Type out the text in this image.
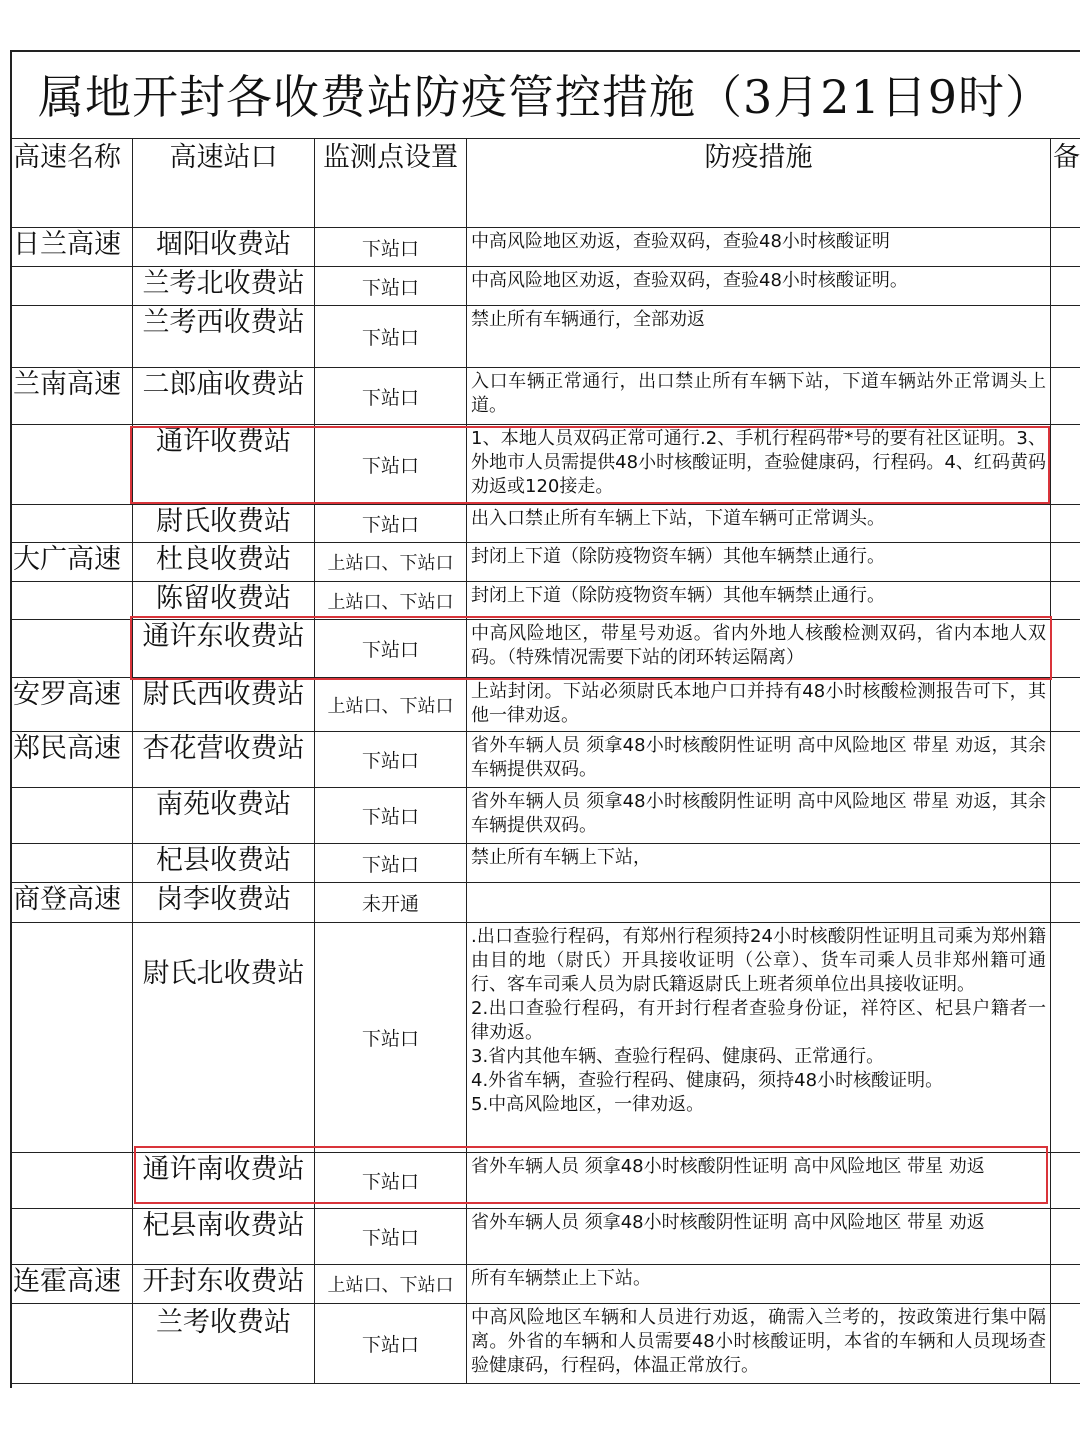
属地开封各收费站防疫管控措施（3月21日9时）
高速名称	高速站口	监测点设置	防疫措施	备
日兰高速	堌阳收费站	下站口	中高风险地区劝返，查验双码，查验48小时核酸证明	
	兰考北收费站	下站口	中高风险地区劝返，查验双码，查验48小时核酸证明。	
	兰考西收费站	下站口	禁止所有车辆通行，全部劝返	
兰南高速	二郎庙收费站	下站口	入口车辆正常通行，出口禁止所有车辆下站，下道车辆站外正常调头上道。	
	通许收费站	下站口	1、本地人员双码正常可通行.2、手机行程码带*号的要有社区证明。3、外地市人员需提供48小时核酸证明，查验健康码，行程码。4、红码黄码劝返或120接走。	
	尉氏收费站	下站口	出入口禁止所有车辆上下站，下道车辆可正常调头。	
大广高速	杜良收费站	上站口、下站口	封闭上下道（除防疫物资车辆）其他车辆禁止通行。	
	陈留收费站	上站口、下站口	封闭上下道（除防疫物资车辆）其他车辆禁止通行。	
	通许东收费站	下站口	中高风险地区，带星号劝返。省内外地人核酸检测双码，省内本地人双码。（特殊情况需要下站的闭环转运隔离）	
安罗高速	尉氏西收费站	上站口、下站口	上站封闭。下站必须尉氏本地户口并持有48小时核酸检测报告可下，其他一律劝返。	
郑民高速	杏花营收费站	下站口	省外车辆人员 须拿48小时核酸阴性证明 高中风险地区 带星 劝返，其余车辆提供双码。	
	南苑收费站	下站口	省外车辆人员 须拿48小时核酸阴性证明 高中风险地区 带星 劝返，其余车辆提供双码。	
	杞县收费站	下站口	禁止所有车辆上下站，	
商登高速	岗李收费站	未开通		
	尉氏北收费站	下站口	.出口查验行程码，有郑州行程须持24小时核酸阴性证明且司乘为郑州籍由目的地（尉氏）开具接收证明（公章）、货车司乘人员非郑州籍可通行、客车司乘人员为尉氏籍返尉氏上班者须单位出具接收证明。
2.出口查验行程码，有开封行程者查验身份证，祥符区、杞县户籍者一律劝返。
3.省内其他车辆、查验行程码、健康码、正常通行。
4.外省车辆，查验行程码、健康码，须持48小时核酸证明。
5.中高风险地区，一律劝返。	
	通许南收费站	下站口	省外车辆人员 须拿48小时核酸阴性证明 高中风险地区 带星 劝返	
	杞县南收费站	下站口	省外车辆人员 须拿48小时核酸阴性证明 高中风险地区 带星 劝返	
连霍高速	开封东收费站	上站口、下站口	所有车辆禁止上下站。	
	兰考收费站	下站口	中高风险地区车辆和人员进行劝返，确需入兰考的，按政策进行集中隔离。外省的车辆和人员需要48小时核酸证明，本省的车辆和人员现场查验健康码，行程码，体温正常放行。	
